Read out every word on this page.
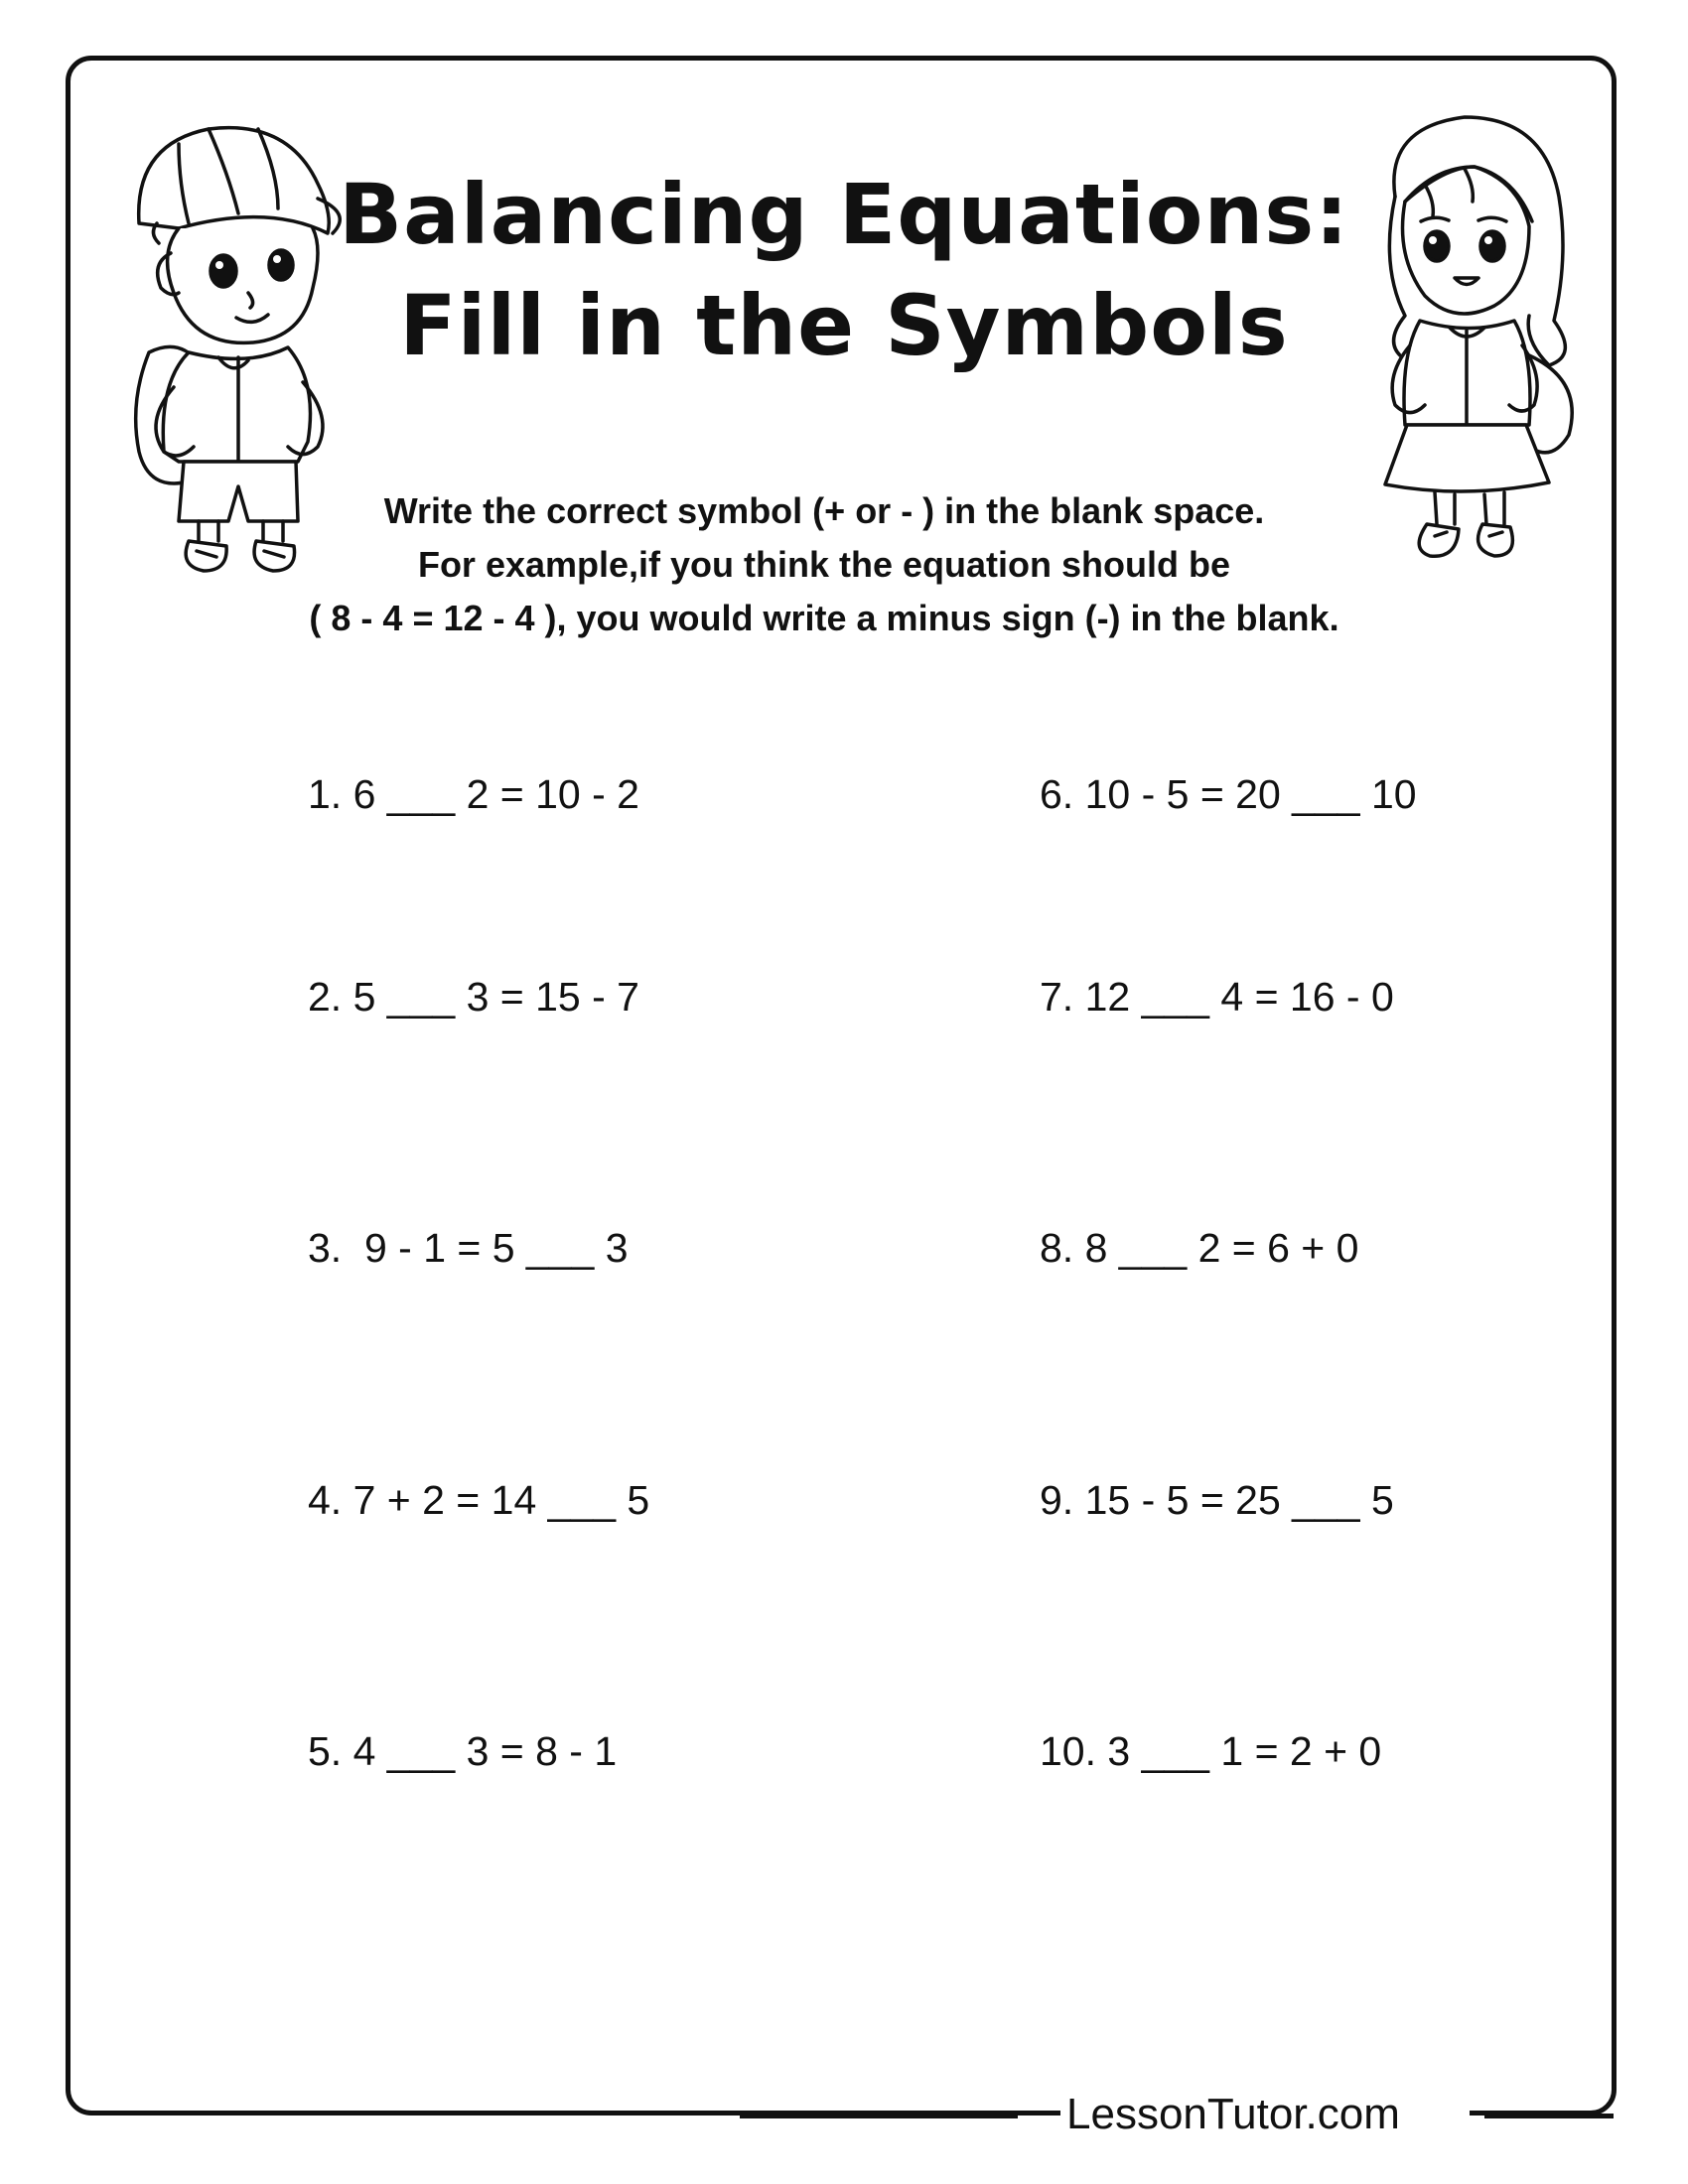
Balancing Equations:
Fill in the Symbols
Write the correct symbol (+ or - ) in the blank space.
For example,if you think the equation should be
( 8 - 4 = 12 - 4 ), you would write a minus sign (-) in the blank.
1. 6 ___ 2 = 10 - 2
2. 5 ___ 3 = 15 - 7
3.  9 - 1 = 5 ___ 3
4. 7 + 2 = 14 ___ 5
5. 4 ___ 3 = 8 - 1
6. 10 - 5 = 20 ___ 10
7. 12 ___ 4 = 16 - 0
8. 8 ___ 2 = 6 + 0
9. 15 - 5 = 25 ___ 5
10. 3 ___ 1 = 2 + 0
LessonTutor.com
